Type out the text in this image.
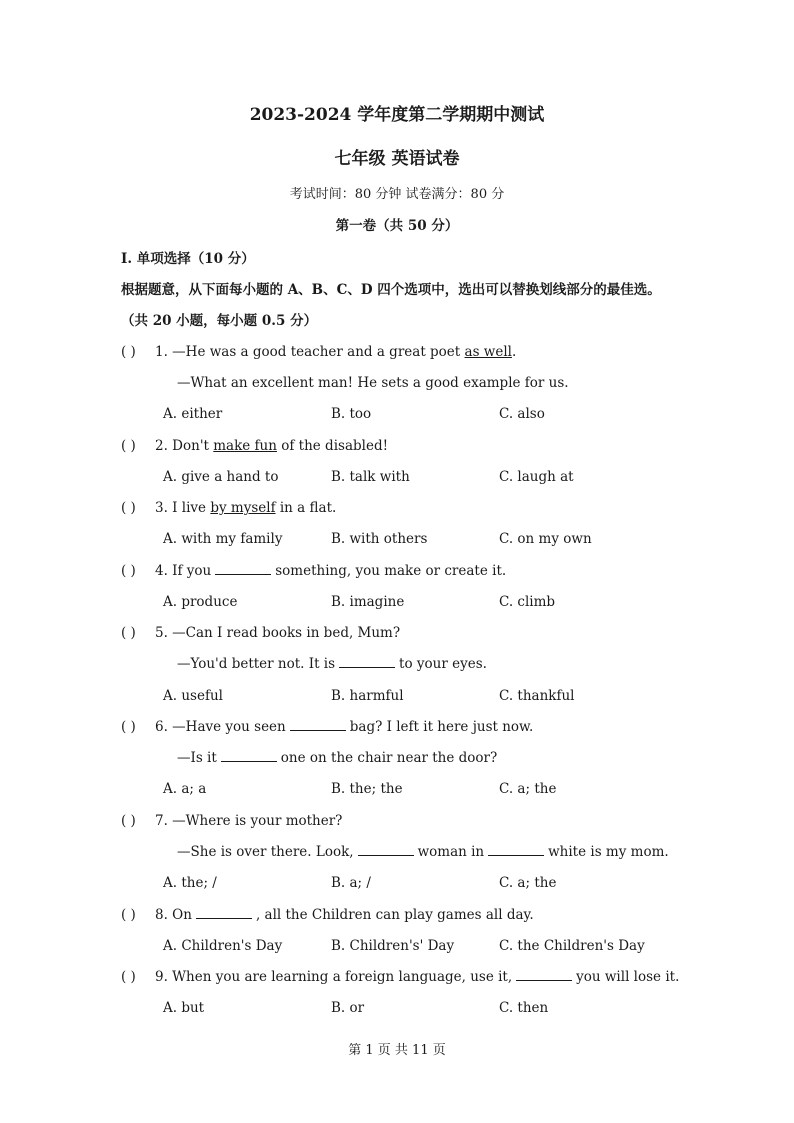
2023-2024 学年度第二学期期中测试
七年级 英语试卷
考试时间：80 分钟 试卷满分：80 分
第一卷（共 50 分）
I. 单项选择（10 分）
根据题意，从下面每小题的 A、B、C、D 四个选项中，选出可以替换划线部分的最佳选。
（共 20 小题，每小题 0.5 分）
( ) 1. —He was a good teacher and a great poet as well.
—What an excellent man! He sets a good example for us.
A. either	B. too	C. also
( ) 2. Don't make fun of the disabled!
A. give a hand to	B. talk with	C. laugh at
( ) 3. I live by myself in a flat.
A. with my family	B. with others	C. on my own
( ) 4. If you	something, you make or create it.
A. produce	B. imagine	C. climb
( ) 5. —Can I read books in bed, Mum?
—You'd better not. It is	to your eyes.
A. useful	B. harmful	C. thankful
( ) 6. —Have you seen	bag? I left it here just now.
—Is it	one on the chair near the door?
A. a; a	B. the; the	C. a; the
( ) 7. —Where is your mother?
—She is over there. Look,	woman in	white is my mom.
A. the; /	B. a; /	C. a; the
( ) 8. On	, all the Children can play games all day.
A. Children's Day	B. Children's' Day	C. the Children's Day
( ) 9. When you are learning a foreign language, use it,	you will lose it.
A. but	B. or	C. then
第 1 页 共 11 页
